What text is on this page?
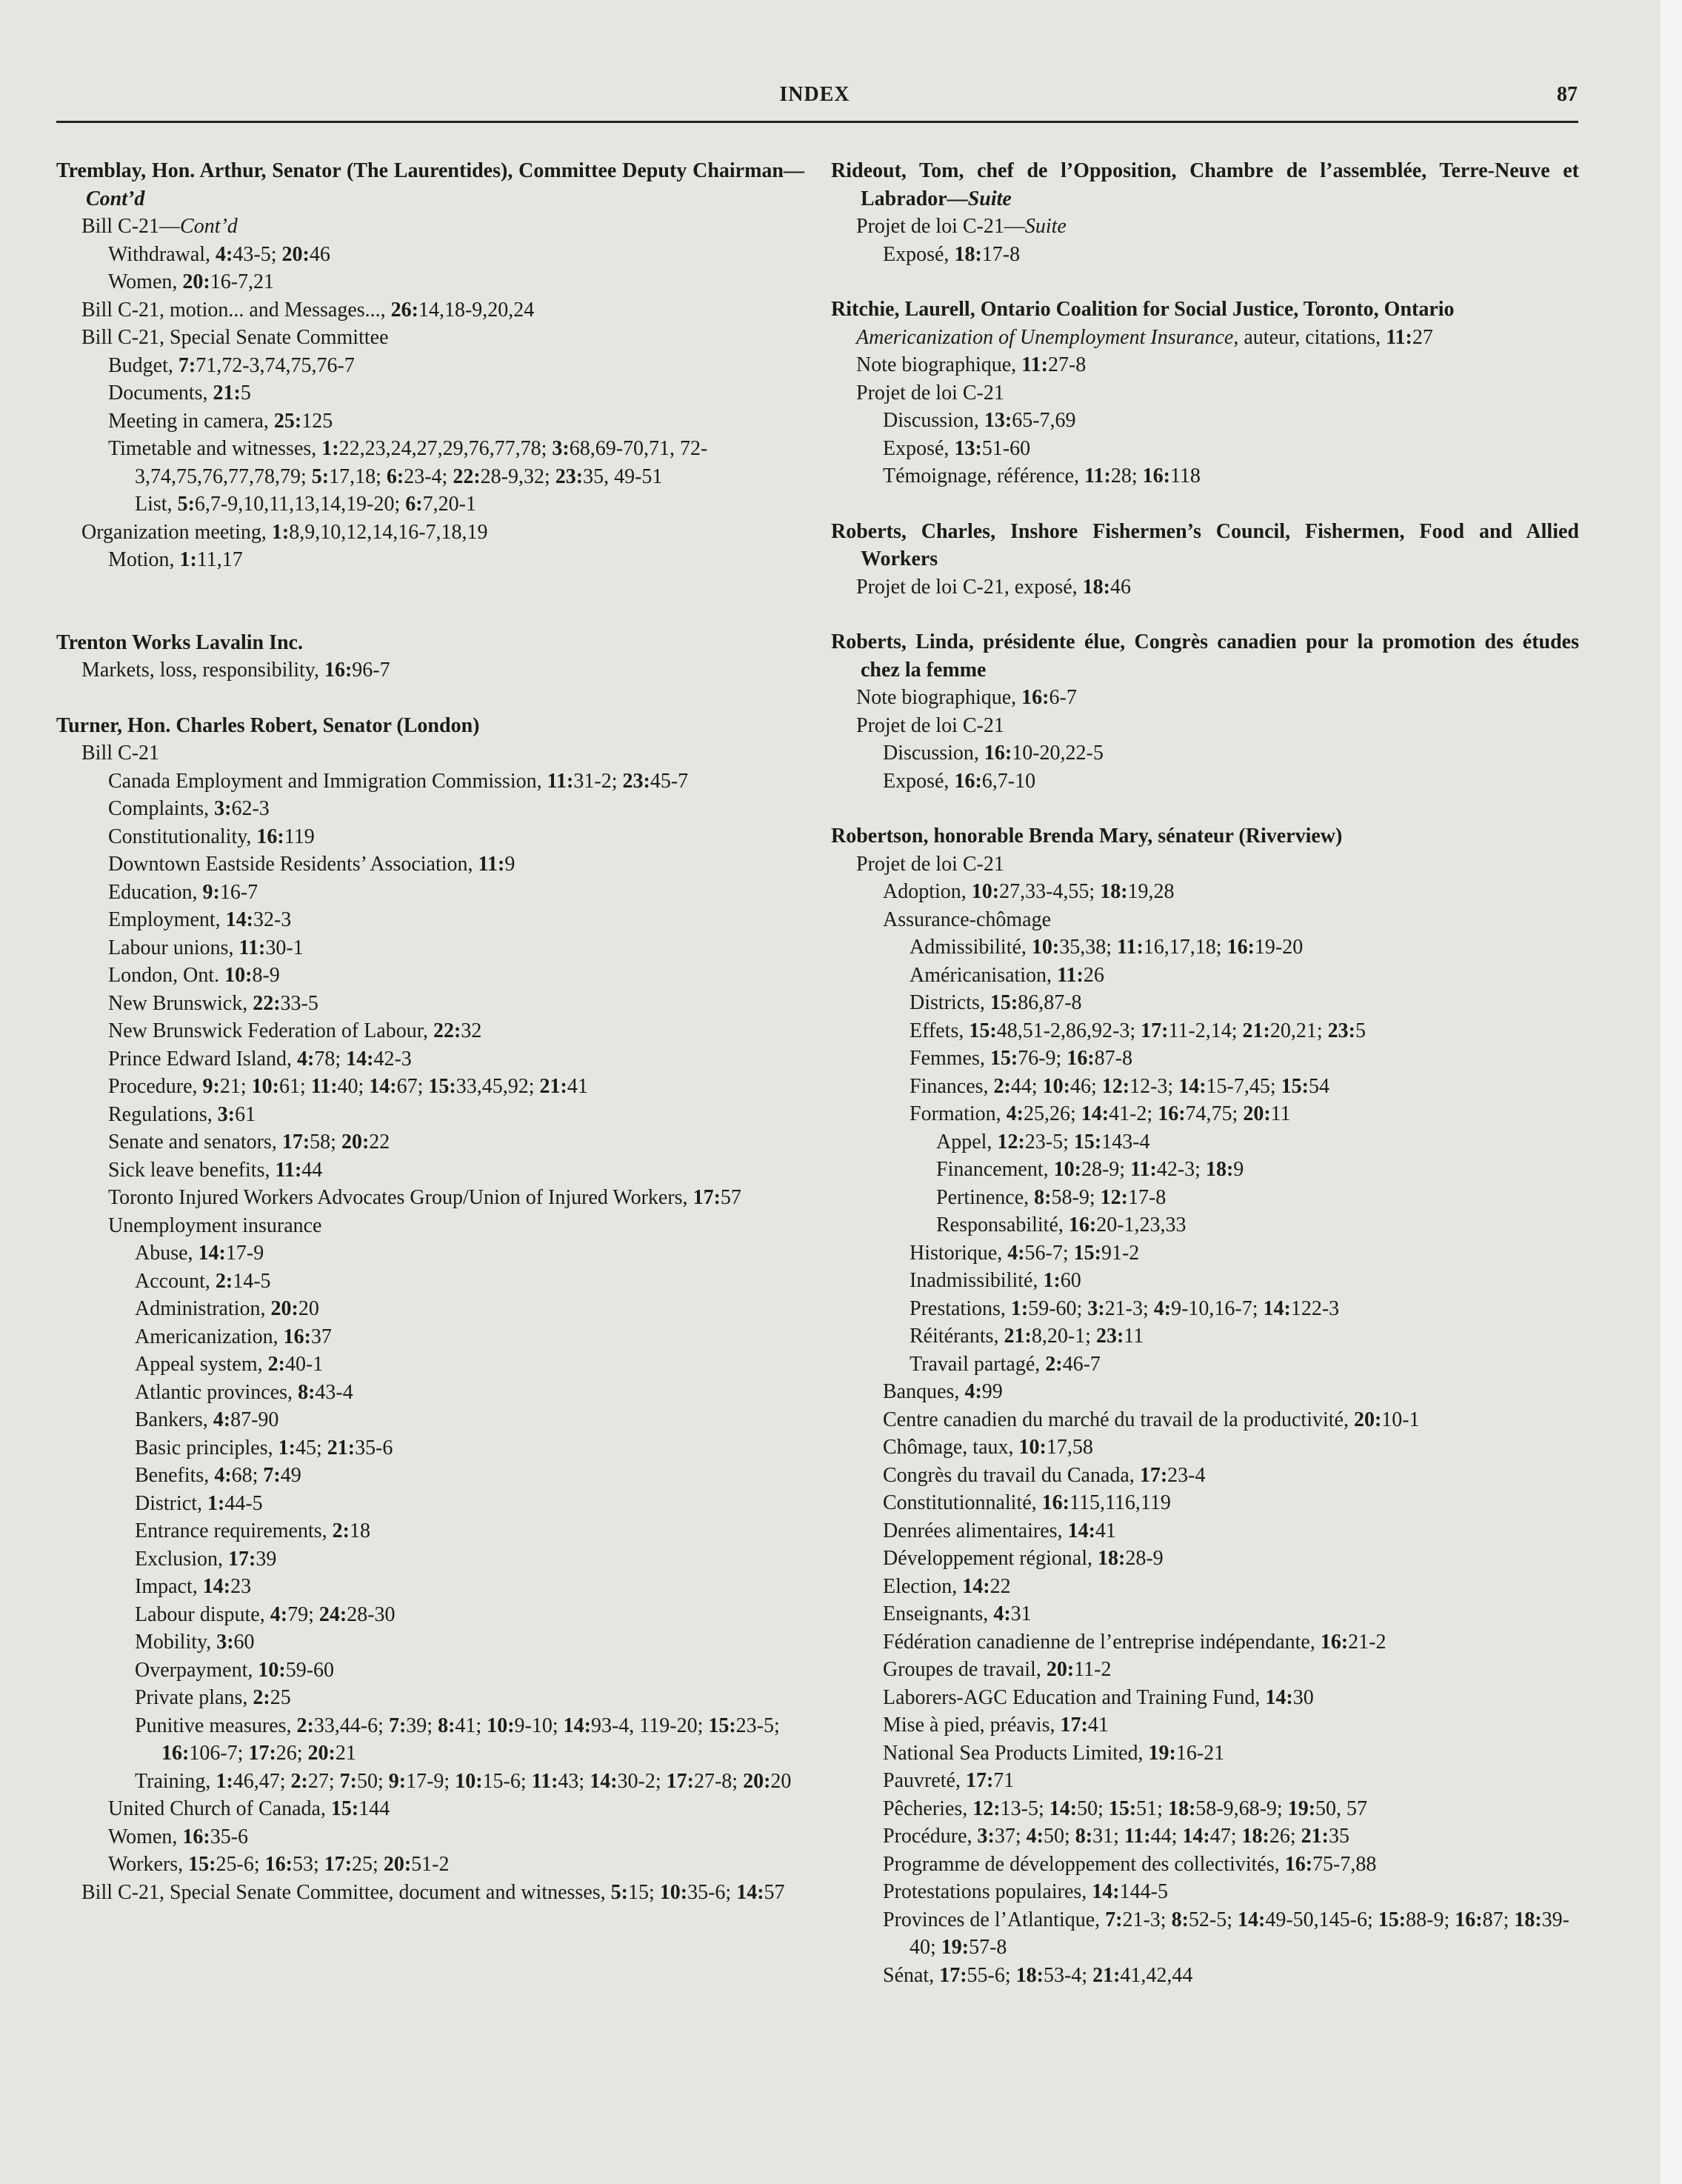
INDEX	87
Tremblay, Hon. Arthur, Senator (The Laurentides), Committee Deputy Chairman—Cont’d
Bill C-21—Cont’d
Withdrawal, 4:43-5; 20:46
Women, 20:16-7,21
Bill C-21, motion... and Messages..., 26:14,18-9,20,24
Bill C-21, Special Senate Committee
Budget, 7:71,72-3,74,75,76-7
Documents, 21:5
Meeting in camera, 25:125
Timetable and witnesses, 1:22,23,24,27,29,76,77,78; 3:68,69-70,71, 72-3,74,75,76,77,78,79; 5:17,18; 6:23-4; 22:28-9,32; 23:35, 49-51
List, 5:6,7-9,10,11,13,14,19-20; 6:7,20-1
Organization meeting, 1:8,9,10,12,14,16-7,18,19
Motion, 1:11,17
Trenton Works Lavalin Inc.
Markets, loss, responsibility, 16:96-7
Turner, Hon. Charles Robert, Senator (London)
Bill C-21
Canada Employment and Immigration Commission, 11:31-2; 23:45-7
Complaints, 3:62-3
Constitutionality, 16:119
Downtown Eastside Residents’ Association, 11:9
Education, 9:16-7
Employment, 14:32-3
Labour unions, 11:30-1
London, Ont. 10:8-9
New Brunswick, 22:33-5
New Brunswick Federation of Labour, 22:32
Prince Edward Island, 4:78; 14:42-3
Procedure, 9:21; 10:61; 11:40; 14:67; 15:33,45,92; 21:41
Regulations, 3:61
Senate and senators, 17:58; 20:22
Sick leave benefits, 11:44
Toronto Injured Workers Advocates Group/Union of Injured Workers, 17:57
Unemployment insurance
Abuse, 14:17-9
Account, 2:14-5
Administration, 20:20
Americanization, 16:37
Appeal system, 2:40-1
Atlantic provinces, 8:43-4
Bankers, 4:87-90
Basic principles, 1:45; 21:35-6
Benefits, 4:68; 7:49
District, 1:44-5
Entrance requirements, 2:18
Exclusion, 17:39
Impact, 14:23
Labour dispute, 4:79; 24:28-30
Mobility, 3:60
Overpayment, 10:59-60
Private plans, 2:25
Punitive measures, 2:33,44-6; 7:39; 8:41; 10:9-10; 14:93-4, 119-20; 15:23-5; 16:106-7; 17:26; 20:21
Training, 1:46,47; 2:27; 7:50; 9:17-9; 10:15-6; 11:43; 14:30-2; 17:27-8; 20:20
United Church of Canada, 15:144
Women, 16:35-6
Workers, 15:25-6; 16:53; 17:25; 20:51-2
Bill C-21, Special Senate Committee, document and witnesses, 5:15; 10:35-6; 14:57
Rideout, Tom, chef de l’Opposition, Chambre de l’assemblée, Terre-Neuve et Labrador—Suite
Projet de loi C-21—Suite
Exposé, 18:17-8
Ritchie, Laurell, Ontario Coalition for Social Justice, Toronto, Ontario
Americanization of Unemployment Insurance, auteur, citations, 11:27
Note biographique, 11:27-8
Projet de loi C-21
Discussion, 13:65-7,69
Exposé, 13:51-60
Témoignage, référence, 11:28; 16:118
Roberts, Charles, Inshore Fishermen’s Council, Fishermen, Food and Allied Workers
Projet de loi C-21, exposé, 18:46
Roberts, Linda, présidente élue, Congrès canadien pour la promotion des études chez la femme
Note biographique, 16:6-7
Projet de loi C-21
Discussion, 16:10-20,22-5
Exposé, 16:6,7-10
Robertson, honorable Brenda Mary, sénateur (Riverview)
Projet de loi C-21
Adoption, 10:27,33-4,55; 18:19,28
Assurance-chômage
Admissibilité, 10:35,38; 11:16,17,18; 16:19-20
Américanisation, 11:26
Districts, 15:86,87-8
Effets, 15:48,51-2,86,92-3; 17:11-2,14; 21:20,21; 23:5
Femmes, 15:76-9; 16:87-8
Finances, 2:44; 10:46; 12:12-3; 14:15-7,45; 15:54
Formation, 4:25,26; 14:41-2; 16:74,75; 20:11
Appel, 12:23-5; 15:143-4
Financement, 10:28-9; 11:42-3; 18:9
Pertinence, 8:58-9; 12:17-8
Responsabilité, 16:20-1,23,33
Historique, 4:56-7; 15:91-2
Inadmissibilité, 1:60
Prestations, 1:59-60; 3:21-3; 4:9-10,16-7; 14:122-3
Réitérants, 21:8,20-1; 23:11
Travail partagé, 2:46-7
Banques, 4:99
Centre canadien du marché du travail de la productivité, 20:10-1
Chômage, taux, 10:17,58
Congrès du travail du Canada, 17:23-4
Constitutionnalité, 16:115,116,119
Denrées alimentaires, 14:41
Développement régional, 18:28-9
Election, 14:22
Enseignants, 4:31
Fédération canadienne de l’entreprise indépendante, 16:21-2
Groupes de travail, 20:11-2
Laborers-AGC Education and Training Fund, 14:30
Mise à pied, préavis, 17:41
National Sea Products Limited, 19:16-21
Pauvreté, 17:71
Pêcheries, 12:13-5; 14:50; 15:51; 18:58-9,68-9; 19:50, 57
Procédure, 3:37; 4:50; 8:31; 11:44; 14:47; 18:26; 21:35
Programme de développement des collectivités, 16:75-7,88
Protestations populaires, 14:144-5
Provinces de l’Atlantique, 7:21-3; 8:52-5; 14:49-50,145-6; 15:88-9; 16:87; 18:39-40; 19:57-8
Sénat, 17:55-6; 18:53-4; 21:41,42,44
